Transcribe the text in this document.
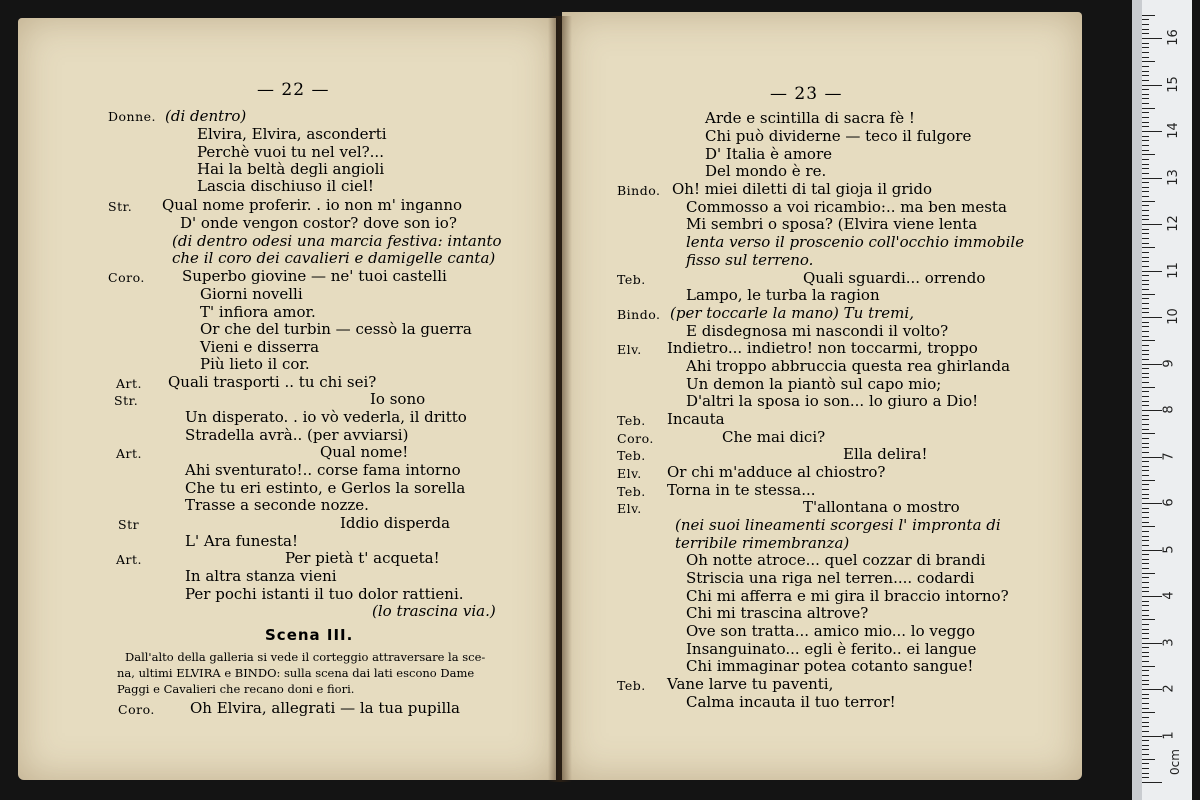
— 22 —
Donne. (di dentro)
Elvira, Elvira, asconderti
Perchè vuoi tu nel vel?...
Hai la beltà degli angioli
Lascia dischiuso il ciel!
Str. Qual nome proferir. . io non m' inganno
D' onde vengon costor? dove son io?
(di dentro odesi una marcia festiva: intanto
che il coro dei cavalieri e damigelle canta)
Coro. Superbo giovine — ne' tuoi castelli
Giorni novelli
T' infiora amor.
Or che del turbin — cessò la guerra
Vieni e disserra
Più lieto il cor.
Art. Quali trasporti .. tu chi sei?
Str.	Io sono
Un disperato. . io vò vederla, il dritto
Stradella avrà.. (per avviarsi)
Art.	Qual nome!
Ahi sventurato!.. corse fama intorno
Che tu eri estinto, e Gerlos la sorella
Trasse a seconde nozze.
Str	Iddio disperda
L' Ara funesta!
Art.	Per pietà t' acqueta!
In altra stanza vieni
Per pochi istanti il tuo dolor rattieni.
(lo trascina via.)
Scena III.
Dall'alto della galleria si vede il corteggio attraversare la sce-
na, ultimi ELVIRA e BINDO: sulla scena dai lati escono Dame
Paggi e Cavalieri che recano doni e fiori.
Coro. Oh Elvira, allegrati — la tua pupilla
— 23 —
Arde e scintilla di sacra fè !
Chi può dividerne — teco il fulgore
D' Italia è amore
Del mondo è re.
Bindo. Oh! miei diletti di tal gioja il grido
Commosso a voi ricambio:.. ma ben mesta
Mi sembri o sposa? (Elvira viene lenta
lenta verso il proscenio coll'occhio immobile
fisso sul terreno.
Teb.	Quali sguardi... orrendo
Lampo, le turba la ragion
Bindo. (per toccarle la mano) Tu tremi,
E disdegnosa mi nascondi il volto?
Elv. Indietro... indietro! non toccarmi, troppo
Ahi troppo abbruccia questa rea ghirlanda
Un demon la piantò sul capo mio;
D'altri la sposa io son... lo giuro a Dio!
Teb. Incauta
Coro.	Che mai dici?
Teb.	Ella delira!
Elv. Or chi m'adduce al chiostro?
Teb. Torna in te stessa...
Elv.	T'allontana o mostro
(nei suoi lineamenti scorgesi l' impronta di
terribile rimembranza)
Oh notte atroce... quel cozzar di brandi
Striscia una riga nel terren.... codardi
Chi mi afferra e mi gira il braccio intorno?
Chi mi trascina altrove?
Ove son tratta... amico mio... lo veggo
Insanguinato... egli è ferito.. ei langue
Chi immaginar potea cotanto sangue!
Teb. Vane larve tu paventi,
Calma incauta il tuo terror!
1
2
3
4
5
6
7
8
9
10
11
12
13
14
15
16
0cm
